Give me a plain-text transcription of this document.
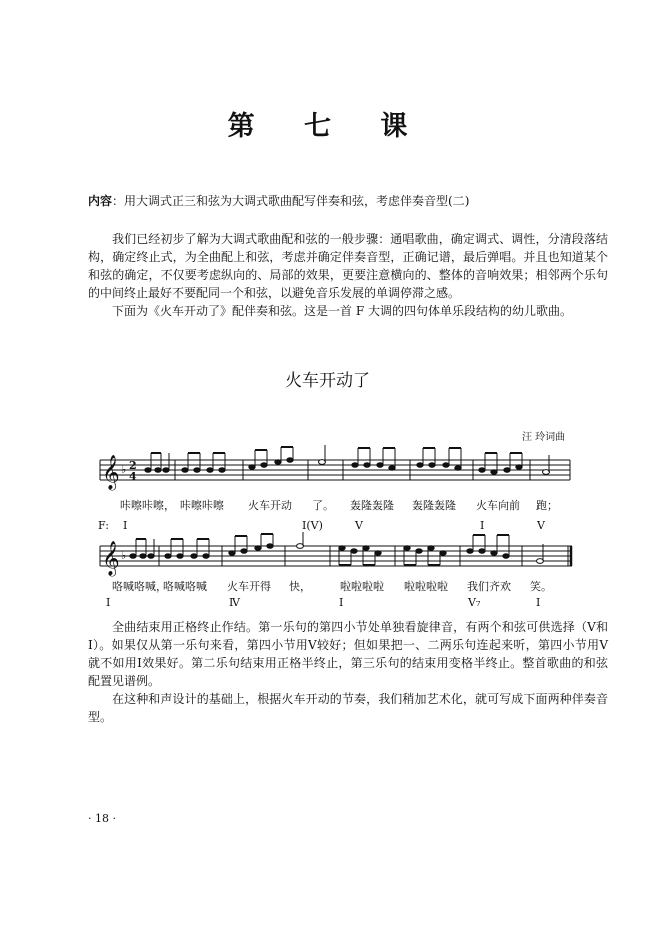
第 七 课
内容：用大调式正三和弦为大调式歌曲配写伴奏和弦，考虑伴奏音型(二)

我们已经初步了解为大调式歌曲配和弦的一般步骤：通唱歌曲，确定调式、调性，分清段落结构，确定终止式，为全曲配上和弦，考虑并确定伴奏音型，正确记谱，最后弹唱。并且也知道某个和弦的确定，不仅要考虑纵向的、局部的效果，更要注意横向的、整体的音响效果；相邻两个乐句的中间终止最好不要配同一个和弦，以避免音乐发展的单调停滞之感。

下面为《火车开动了》配伴奏和弦。这是一首 F 大调的四句体单乐段结构的幼儿歌曲。

火车开动了
汪 玲词曲
𝄞 ♭ 2
4
咔嚓咔嚓， 咔嚓咔嚓 火车开动 了。 轰隆轰隆 轰隆轰隆 火车向前 跑；
F: I	I(V)	V	I	V
𝄞 ♭
咯喊咯喊，
咯喊咯喊 火车开得 快，	啦啦啦啦 啦啦啦啦 我们齐欢 笑。
I	Ⅳ	I	V₇	I

全曲结束用正格终止作结。第一乐句的第四小节处单独看旋律音，有两个和弦可供选择（V和Ⅰ）。如果仅从第一乐句来看，第四小节用V较好；但如果把一、二两乐句连起来听，第四小节用V就不如用Ⅰ效果好。第二乐句结束用正格半终止，第三乐句的结束用变格半终止。整首歌曲的和弦配置见谱例。

在这种和声设计的基础上，根据火车开动的节奏，我们稍加艺术化，就可写成下面两种伴奏音型。

· 18 ·
